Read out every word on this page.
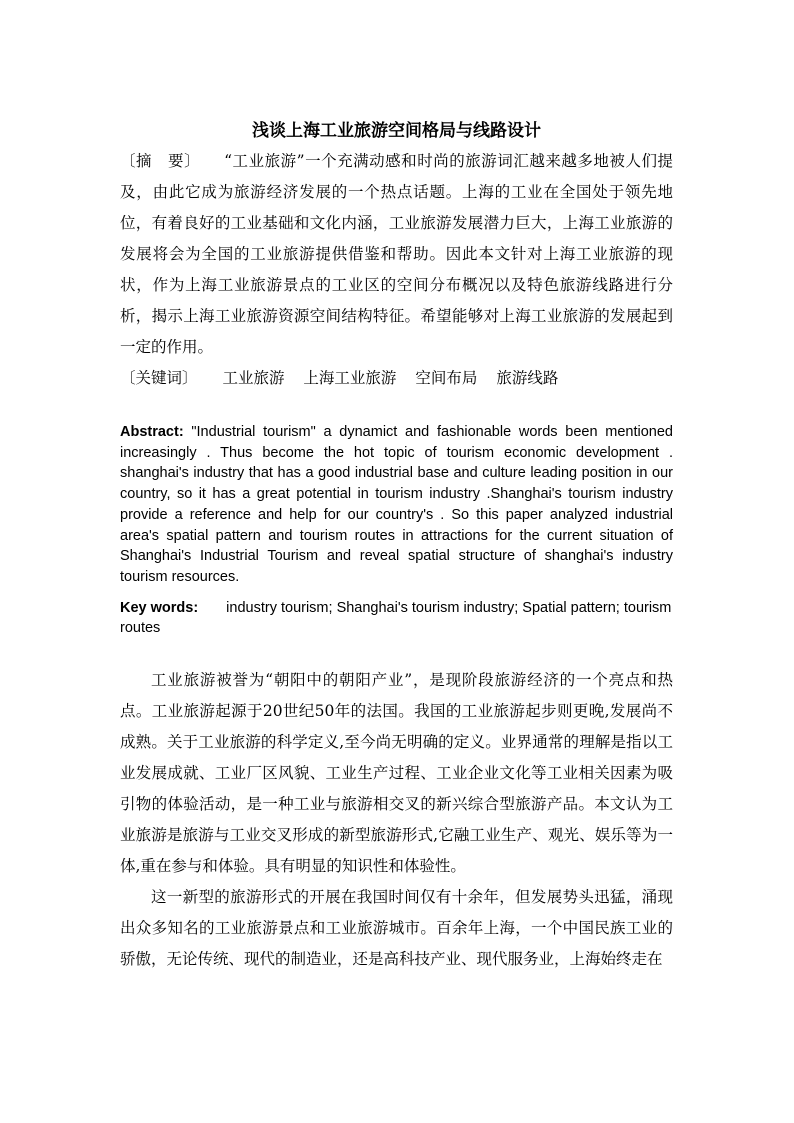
浅谈上海工业旅游空间格局与线路设计

〔摘　要〕 “工业旅游”一个充满动感和时尚的旅游词汇越来越多地被人们提及，由此它成为旅游经济发展的一个热点话题。上海的工业在全国处于领先地位，有着良好的工业基础和文化内涵，工业旅游发展潜力巨大，上海工业旅游的发展将会为全国的工业旅游提供借鉴和帮助。因此本文针对上海工业旅游的现状，作为上海工业旅游景点的工业区的空间分布概况以及特色旅游线路进行分析，揭示上海工业旅游资源空间结构特征。希望能够对上海工业旅游的发展起到一定的作用。

〔关键词〕 工业旅游 上海工业旅游 空间布局 旅游线路

Abstract: "Industrial tourism" a dynamict and fashionable words been mentioned increasingly . Thus become the hot topic of tourism economic development . shanghai's industry that has a good industrial base and culture leading position in our country, so it has a great potential in tourism industry .Shanghai's tourism industry provide a reference and help for our country's . So this paper analyzed industrial area's spatial pattern and tourism routes in attractions for the current situation of Shanghai's Industrial Tourism and reveal spatial structure of shanghai's industry tourism resources.
Key words: industry tourism; Shanghai's tourism industry; Spatial pattern; tourism routes

工业旅游被誉为“朝阳中的朝阳产业”，是现阶段旅游经济的一个亮点和热点。工业旅游起源于20世纪50年的法国。我国的工业旅游起步则更晚,发展尚不成熟。关于工业旅游的科学定义,至今尚无明确的定义。业界通常的理解是指以工业发展成就、工业厂区风貌、工业生产过程、工业企业文化等工业相关因素为吸引物的体验活动，是一种工业与旅游相交叉的新兴综合型旅游产品。本文认为工业旅游是旅游与工业交叉形成的新型旅游形式,它融工业生产、观光、娱乐等为一体,重在参与和体验。具有明显的知识性和体验性。

这一新型的旅游形式的开展在我国时间仅有十余年，但发展势头迅猛，涌现出众多知名的工业旅游景点和工业旅游城市。百余年上海，一个中国民族工业的骄傲，无论传统、现代的制造业，还是高科技产业、现代服务业，上海始终走在
